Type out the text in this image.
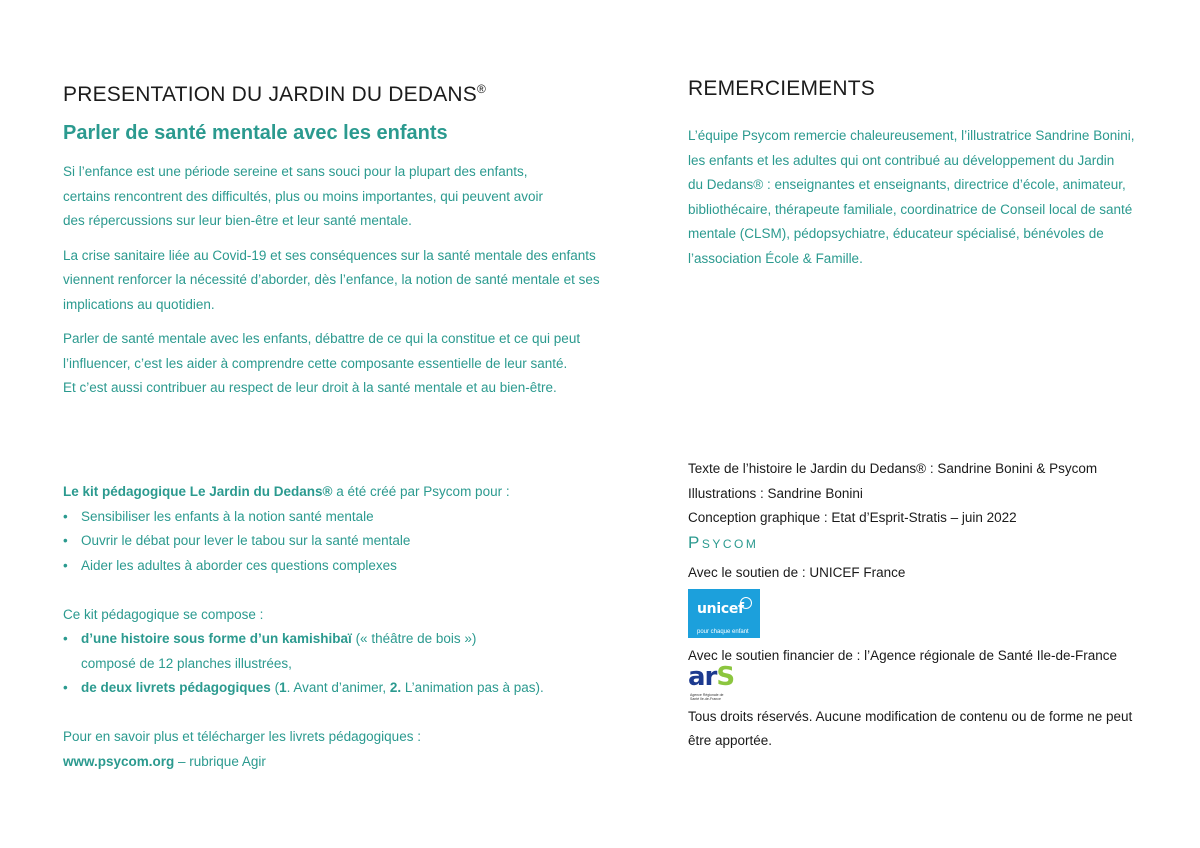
PRESENTATION DU JARDIN DU DEDANS®
Parler de santé mentale avec les enfants

Si l’enfance est une période sereine et sans souci pour la plupart des enfants,
certains rencontrent des difficultés, plus ou moins importantes, qui peuvent avoir
des répercussions sur leur bien-être et leur santé mentale.

La crise sanitaire liée au Covid-19 et ses conséquences sur la santé mentale des enfants
viennent renforcer la nécessité d’aborder, dès l’enfance, la notion de santé mentale et ses
implications au quotidien.

Parler de santé mentale avec les enfants, débattre de ce qui la constitue et ce qui peut
l’influencer, c’est les aider à comprendre cette composante essentielle de leur santé.
Et c’est aussi contribuer au respect de leur droit à la santé mentale et au bien-être.

Le kit pédagogique Le Jardin du Dedans® a été créé par Psycom pour :
• Sensibiliser les enfants à la notion santé mentale
• Ouvrir le débat pour lever le tabou sur la santé mentale
• Aider les adultes à aborder ces questions complexes
Ce kit pédagogique se compose :
• d’une histoire sous forme d’un kamishibaï (« théâtre de bois »)
composé de 12 planches illustrées,
• de deux livrets pédagogiques (1. Avant d’animer, 2. L’animation pas à pas).
Pour en savoir plus et télécharger les livrets pédagogiques :
www.psycom.org – rubrique Agir
REMERCIEMENTS
L’équipe Psycom remercie chaleureusement, l’illustratrice Sandrine Bonini,
les enfants et les adultes qui ont contribué au développement du Jardin
du Dedans® : enseignantes et enseignants, directrice d’école, animateur,
bibliothécaire, thérapeute familiale, coordinatrice de Conseil local de santé
mentale (CLSM), pédopsychiatre, éducateur spécialisé, bénévoles de
l’association École & Famille.
Texte de l’histoire le Jardin du Dedans® : Sandrine Bonini & Psycom
Illustrations : Sandrine Bonini
Conception graphique : Etat d’Esprit-Stratis – juin 2022
Psycom
Avec le soutien de : UNICEF France
unicef
pour chaque enfant
Avec le soutien financier de : l’Agence régionale de Santé Ile-de-France
arS
Agence Régionale de Santé Ile-de-France
Tous droits réservés. Aucune modification de contenu ou de forme ne peut
être apportée.
